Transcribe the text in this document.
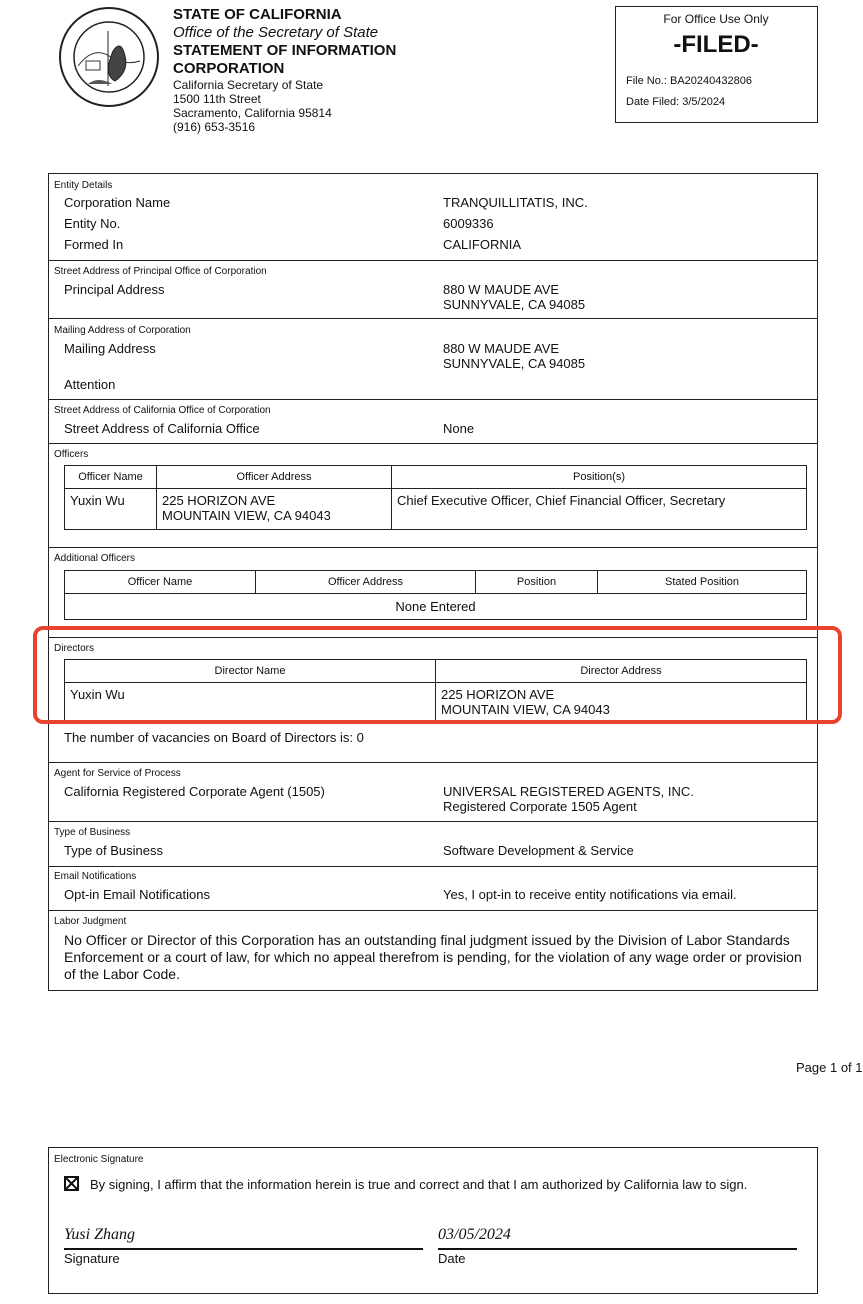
STATE OF CALIFORNIA
Office of the Secretary of State
STATEMENT OF INFORMATION
CORPORATION
California Secretary of State
1500 11th Street
Sacramento, California 95814
(916) 653-3516
For Office Use Only
-FILED-
File No.: BA20240432806
Date Filed: 3/5/2024
Entity Details
Corporation Name	TRANQUILLITATIS, INC.
Entity No.	6009336
Formed In	CALIFORNIA
Street Address of Principal Office of Corporation
Principal Address	880 W MAUDE AVE
SUNNYVALE, CA 94085
Mailing Address of Corporation
Mailing Address	880 W MAUDE AVE
SUNNYVALE, CA 94085
Attention
Street Address of California Office of Corporation
Street Address of California Office	None
Officers
Officer Name	Officer Address	Position(s)
Yuxin Wu	225 HORIZON AVE
MOUNTAIN VIEW, CA 94043
Chief Executive Officer, Chief Financial Officer, Secretary
Additional Officers
Officer Name	Officer Address	Position	Stated Position
None Entered
Directors
Director Name	Director Address
Yuxin Wu	225 HORIZON AVE
MOUNTAIN VIEW, CA 94043
The number of vacancies on Board of Directors is: 0
Agent for Service of Process
California Registered Corporate Agent (1505)	UNIVERSAL REGISTERED AGENTS, INC.
Registered Corporate 1505 Agent
Type of Business
Type of Business	Software Development & Service
Email Notifications
Opt-in Email Notifications	Yes, I opt-in to receive entity notifications via email.
Labor Judgment
No Officer or Director of this Corporation has an outstanding final judgment issued by the Division of Labor Standards Enforcement or a court of law, for which no appeal therefrom is pending, for the violation of any wage order or provision of the Labor Code.
Page 1 of 1
Electronic Signature
By signing, I affirm that the information herein is true and correct and that I am authorized by California law to sign.
Yusi Zhang	03/05/2024
Signature	Date
